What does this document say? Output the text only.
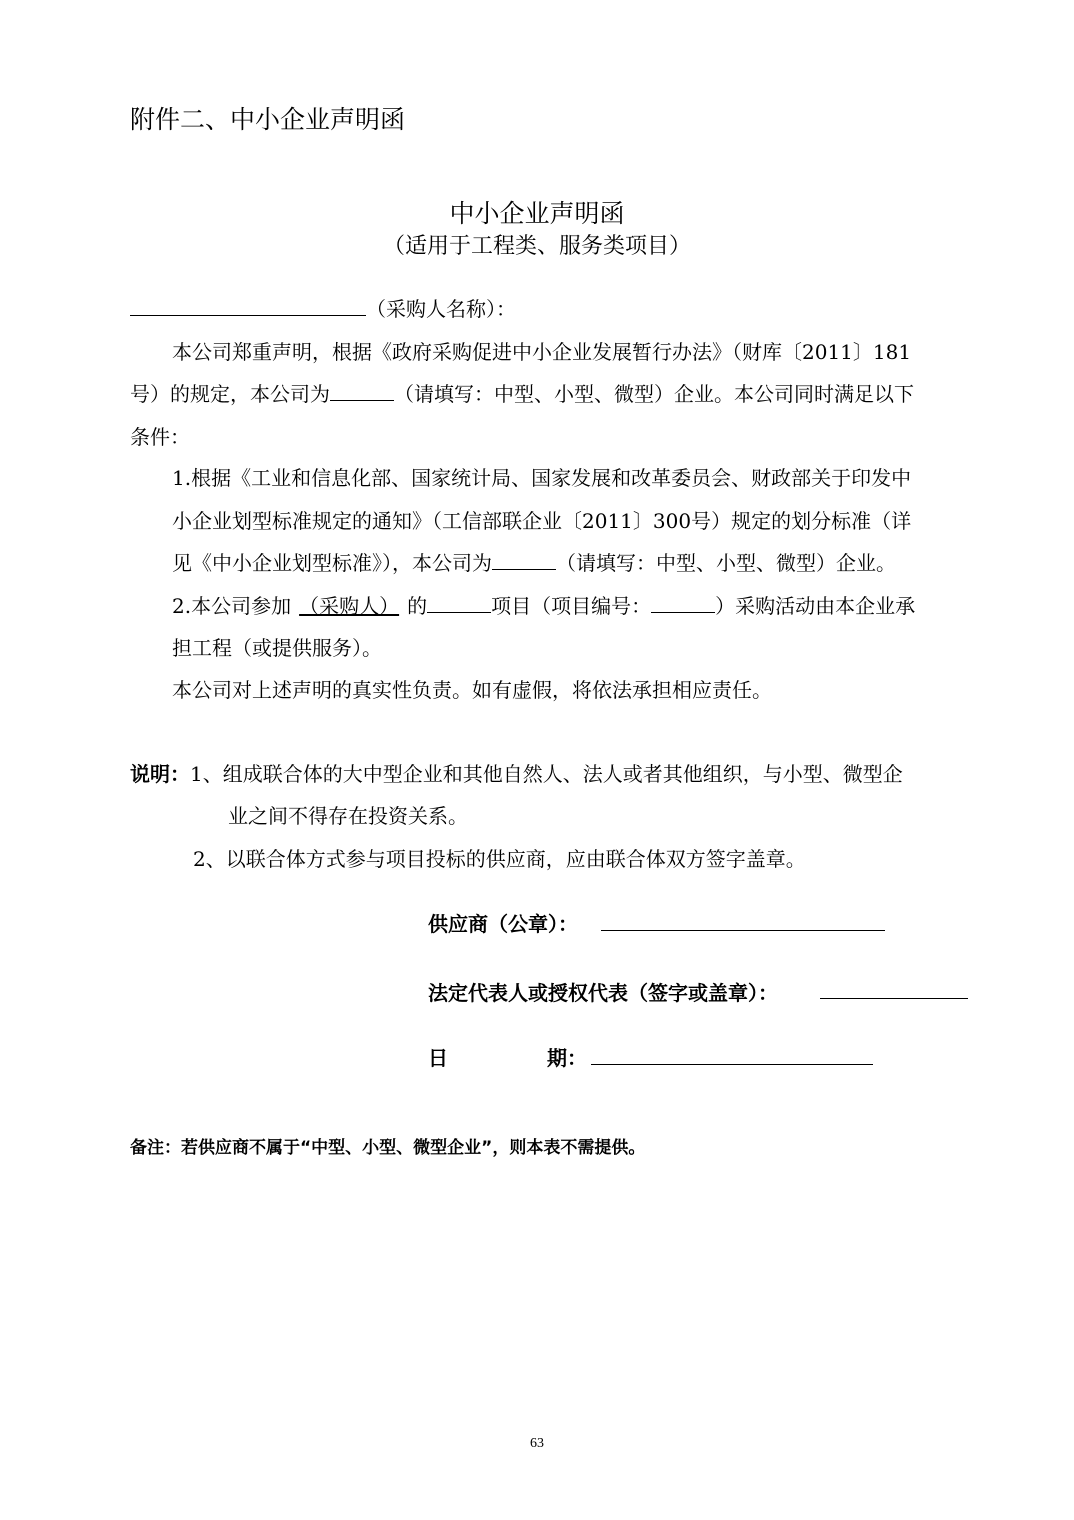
附件二、中小企业声明函
中小企业声明函
（适用于工程类、服务类项目）
（采购人名称）：
本公司郑重声明，根据《政府采购促进中小企业发展暂行办法》（财库〔2011〕181
号）的规定，本公司为	（请填写：中型、小型、微型）企业。本公司同时满足以下
条件：
1.根据《工业和信息化部、国家统计局、国家发展和改革委员会、财政部关于印发中
小企业划型标准规定的通知》（工信部联企业〔2011〕300号）规定的划分标准（详
见《中小企业划型标准》），本公司为	（请填写：中型、小型、微型）企业。
2.本公司参加 （采购人） 的	项目（项目编号：	）采购活动由本企业承
担工程（或提供服务）。
本公司对上述声明的真实性负责。如有虚假，将依法承担相应责任。
说明：1、组成联合体的大中型企业和其他自然人、法人或者其他组织，与小型、微型企
业之间不得存在投资关系。
2、以联合体方式参与项目投标的供应商，应由联合体双方签字盖章。
供应商（公章）：
法定代表人或授权代表（签字或盖章）：
日	期：
备注：若供应商不属于“中型、小型、微型企业”，则本表不需提供。
63
